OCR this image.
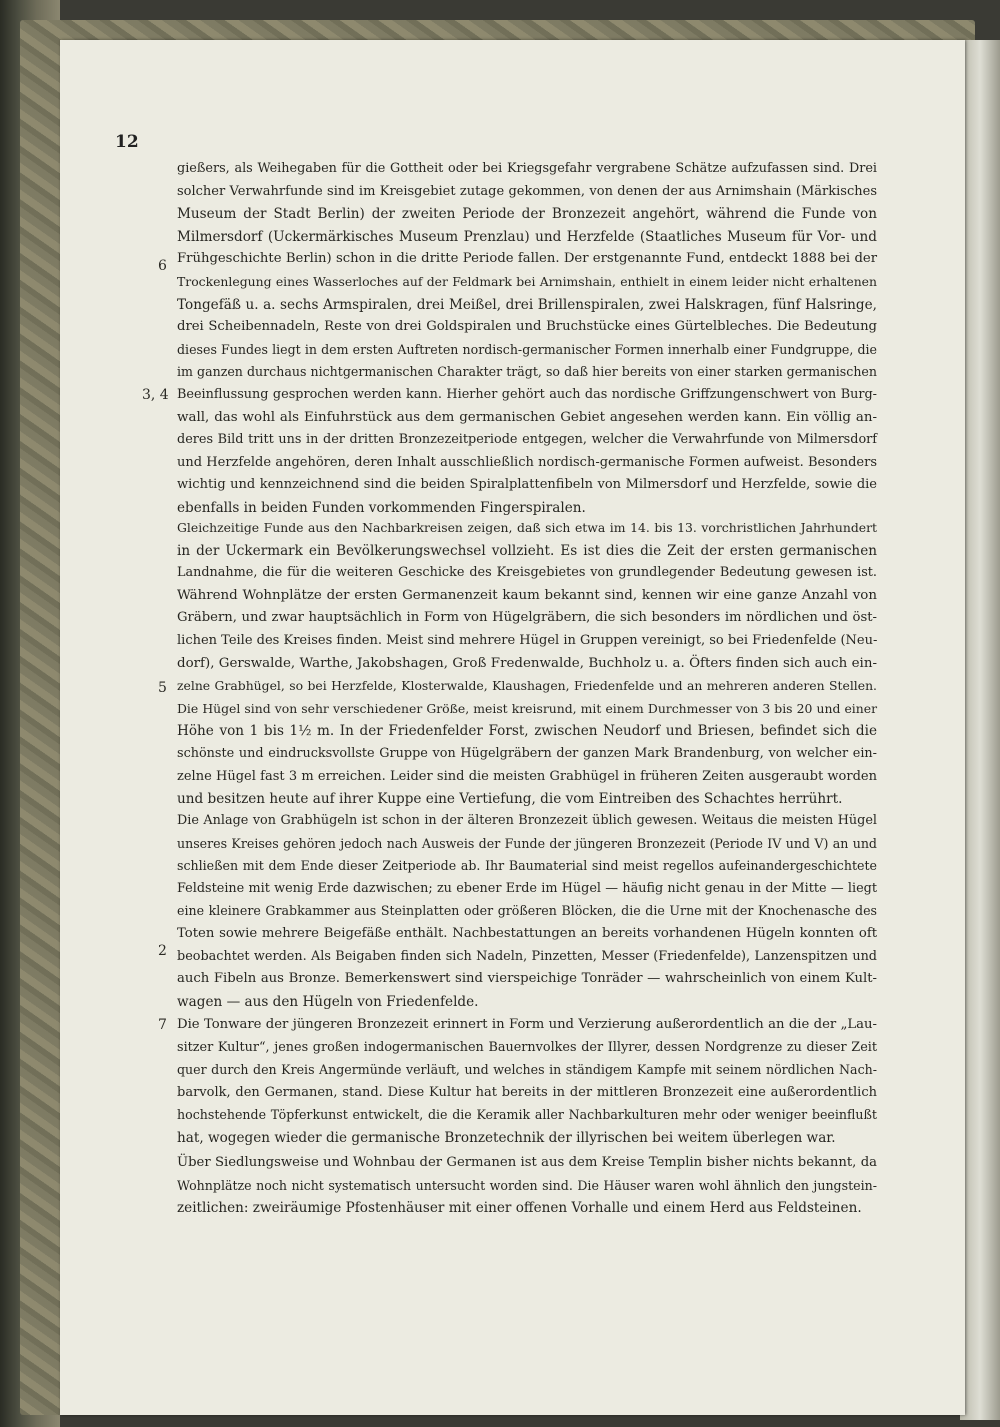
12
6
3, 4
5
2
7
gießers, als Weihegaben für die Gottheit oder bei Kriegsgefahr vergrabene Schätze aufzufassen sind. Drei
solcher Verwahrfunde sind im Kreisgebiet zutage gekommen, von denen der aus Arnimshain (Märkisches
Museum der Stadt Berlin) der zweiten Periode der Bronzezeit angehört, während die Funde von
Milmersdorf (Uckermärkisches Museum Prenzlau) und Herzfelde (Staatliches Museum für Vor- und
Frühgeschichte Berlin) schon in die dritte Periode fallen. Der erstgenannte Fund, entdeckt 1888 bei der
Trockenlegung eines Wasserloches auf der Feldmark bei Arnimshain, enthielt in einem leider nicht erhaltenen
Tongefäß u. a. sechs Armspiralen, drei Meißel, drei Brillenspiralen, zwei Halskragen, fünf Halsringe,
drei Scheibennadeln, Reste von drei Goldspiralen und Bruchstücke eines Gürtelbleches. Die Bedeutung
dieses Fundes liegt in dem ersten Auftreten nordisch-germanischer Formen innerhalb einer Fundgruppe, die
im ganzen durchaus nichtgermanischen Charakter trägt, so daß hier bereits von einer starken germanischen
Beeinflussung gesprochen werden kann. Hierher gehört auch das nordische Griffzungenschwert von Burg-
wall, das wohl als Einfuhrstück aus dem germanischen Gebiet angesehen werden kann. Ein völlig an-
deres Bild tritt uns in der dritten Bronzezeitperiode entgegen, welcher die Verwahrfunde von Milmersdorf
und Herzfelde angehören, deren Inhalt ausschließlich nordisch-germanische Formen aufweist. Besonders
wichtig und kennzeichnend sind die beiden Spiralplattenfibeln von Milmersdorf und Herzfelde, sowie die
ebenfalls in beiden Funden vorkommenden Fingerspiralen.
Gleichzeitige Funde aus den Nachbarkreisen zeigen, daß sich etwa im 14. bis 13. vorchristlichen Jahrhundert
in der Uckermark ein Bevölkerungswechsel vollzieht. Es ist dies die Zeit der ersten germanischen
Landnahme, die für die weiteren Geschicke des Kreisgebietes von grundlegender Bedeutung gewesen ist.
Während Wohnplätze der ersten Germanenzeit kaum bekannt sind, kennen wir eine ganze Anzahl von
Gräbern, und zwar hauptsächlich in Form von Hügelgräbern, die sich besonders im nördlichen und öst-
lichen Teile des Kreises finden. Meist sind mehrere Hügel in Gruppen vereinigt, so bei Friedenfelde (Neu-
dorf), Gerswalde, Warthe, Jakobshagen, Groß Fredenwalde, Buchholz u. a. Öfters finden sich auch ein-
zelne Grabhügel, so bei Herzfelde, Klosterwalde, Klaushagen, Friedenfelde und an mehreren anderen Stellen.
Die Hügel sind von sehr verschiedener Größe, meist kreisrund, mit einem Durchmesser von 3 bis 20 und einer
Höhe von 1 bis 1½ m. In der Friedenfelder Forst, zwischen Neudorf und Briesen, befindet sich die
schönste und eindrucksvollste Gruppe von Hügelgräbern der ganzen Mark Brandenburg, von welcher ein-
zelne Hügel fast 3 m erreichen. Leider sind die meisten Grabhügel in früheren Zeiten ausgeraubt worden
und besitzen heute auf ihrer Kuppe eine Vertiefung, die vom Eintreiben des Schachtes herrührt.
Die Anlage von Grabhügeln ist schon in der älteren Bronzezeit üblich gewesen. Weitaus die meisten Hügel
unseres Kreises gehören jedoch nach Ausweis der Funde der jüngeren Bronzezeit (Periode IV und V) an und
schließen mit dem Ende dieser Zeitperiode ab. Ihr Baumaterial sind meist regellos aufeinandergeschichtete
Feldsteine mit wenig Erde dazwischen; zu ebener Erde im Hügel — häufig nicht genau in der Mitte — liegt
eine kleinere Grabkammer aus Steinplatten oder größeren Blöcken, die die Urne mit der Knochenasche des
Toten sowie mehrere Beigefäße enthält. Nachbestattungen an bereits vorhandenen Hügeln konnten oft
beobachtet werden. Als Beigaben finden sich Nadeln, Pinzetten, Messer (Friedenfelde), Lanzenspitzen und
auch Fibeln aus Bronze. Bemerkenswert sind vierspeichige Tonräder — wahrscheinlich von einem Kult-
wagen — aus den Hügeln von Friedenfelde.
Die Tonware der jüngeren Bronzezeit erinnert in Form und Verzierung außerordentlich an die der „Lau-
sitzer Kultur“, jenes großen indogermanischen Bauernvolkes der Illyrer, dessen Nordgrenze zu dieser Zeit
quer durch den Kreis Angermünde verläuft, und welches in ständigem Kampfe mit seinem nördlichen Nach-
barvolk, den Germanen, stand. Diese Kultur hat bereits in der mittleren Bronzezeit eine außerordentlich
hochstehende Töpferkunst entwickelt, die die Keramik aller Nachbarkulturen mehr oder weniger beeinflußt
hat, wogegen wieder die germanische Bronzetechnik der illyrischen bei weitem überlegen war.
Über Siedlungsweise und Wohnbau der Germanen ist aus dem Kreise Templin bisher nichts bekannt, da
Wohnplätze noch nicht systematisch untersucht worden sind. Die Häuser waren wohl ähnlich den jungstein-
zeitlichen: zweiräumige Pfostenhäuser mit einer offenen Vorhalle und einem Herd aus Feldsteinen.
